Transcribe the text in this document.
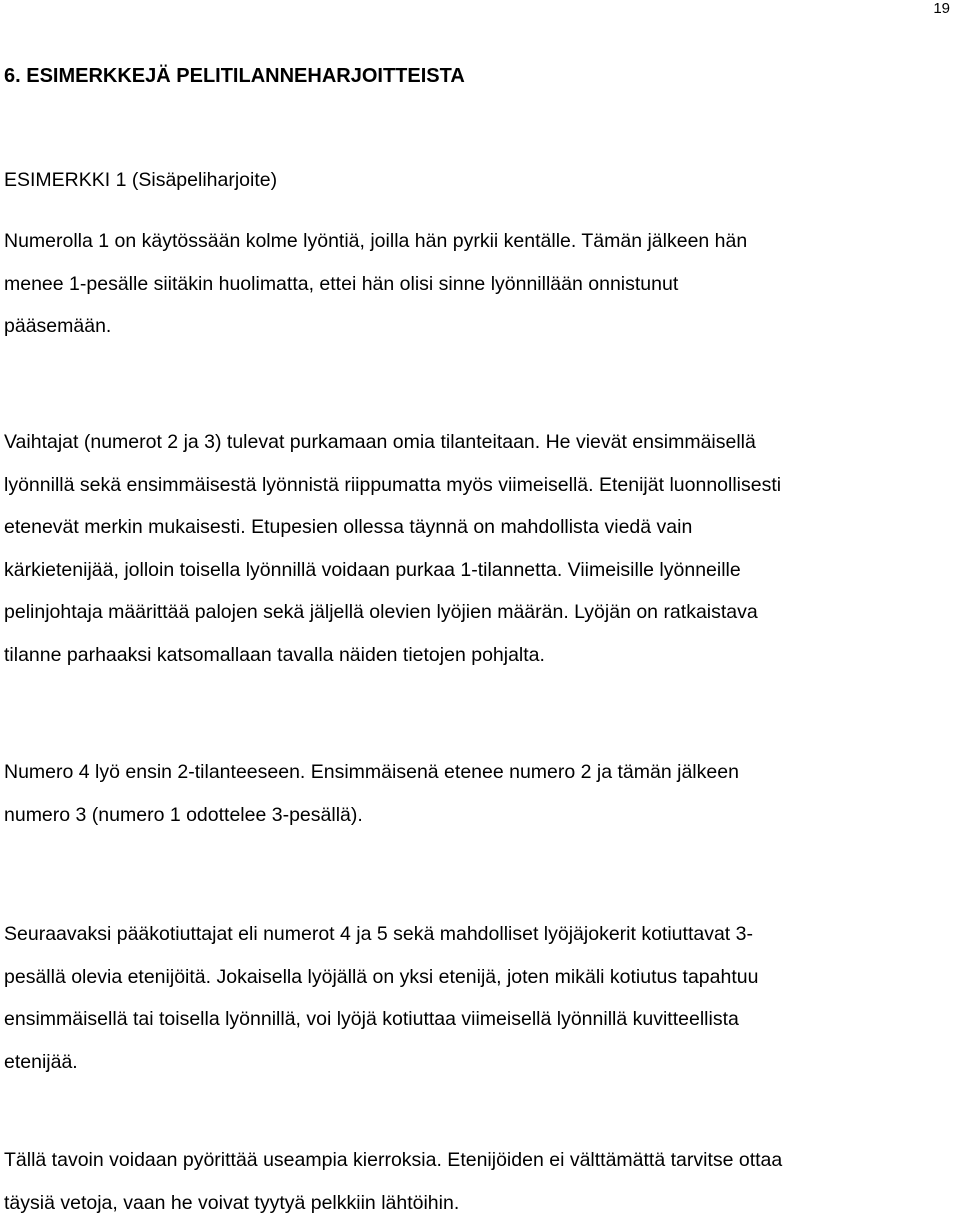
19
6. ESIMERKKEJÄ PELITILANNEHARJOITTEISTA
ESIMERKKI 1 (Sisäpeliharjoite)
Numerolla 1 on käytössään kolme lyöntiä, joilla hän pyrkii kentälle. Tämän jälkeen hän
menee 1-pesälle siitäkin huolimatta, ettei hän olisi sinne lyönnillään onnistunut
pääsemään.
Vaihtajat (numerot 2 ja 3) tulevat purkamaan omia tilanteitaan. He vievät ensimmäisellä
lyönnillä sekä ensimmäisestä lyönnistä riippumatta myös viimeisellä. Etenijät luonnollisesti
etenevät merkin mukaisesti. Etupesien ollessa täynnä on mahdollista viedä vain
kärkietenijää, jolloin toisella lyönnillä voidaan purkaa 1-tilannetta. Viimeisille lyönneille
pelinjohtaja määrittää palojen sekä jäljellä olevien lyöjien määrän. Lyöjän on ratkaistava
tilanne parhaaksi katsomallaan tavalla näiden tietojen pohjalta.
Numero 4 lyö ensin 2-tilanteeseen. Ensimmäisenä etenee numero 2 ja tämän jälkeen
numero 3 (numero 1 odottelee 3-pesällä).
Seuraavaksi pääkotiuttajat eli numerot 4 ja 5 sekä mahdolliset lyöjäjokerit kotiuttavat 3-
pesällä olevia etenijöitä. Jokaisella lyöjällä on yksi etenijä, joten mikäli kotiutus tapahtuu
ensimmäisellä tai toisella lyönnillä, voi lyöjä kotiuttaa viimeisellä lyönnillä kuvitteellista
etenijää.
Tällä tavoin voidaan pyörittää useampia kierroksia. Etenijöiden ei välttämättä tarvitse ottaa
täysiä vetoja, vaan he voivat tyytyä pelkkiin lähtöihin.
